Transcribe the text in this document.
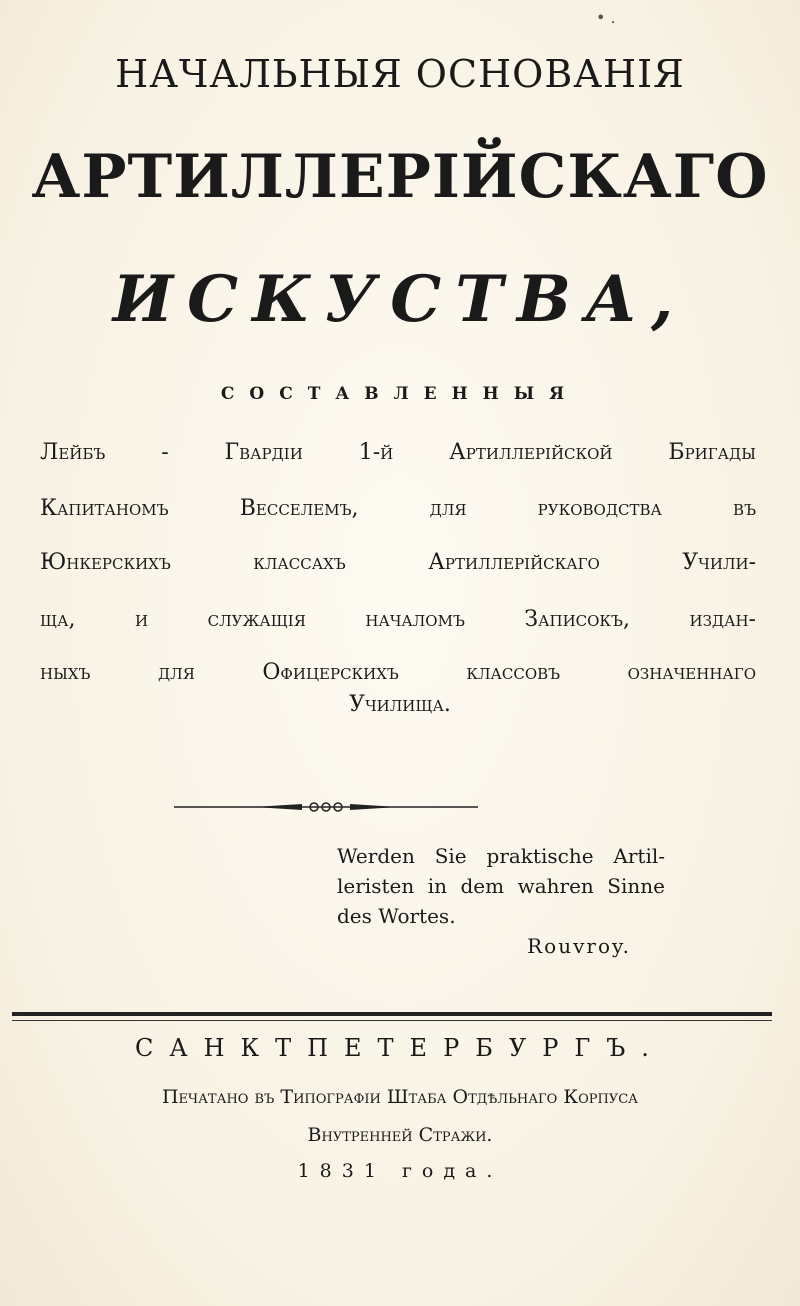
• .
НАЧАЛЬНЫЯ ОСНОВАНІЯ
АРТИЛЛЕРІЙСКАГО
ИСКУСТВА,
СОСТАВЛЕННЫЯ
Лейбъ - Гвардіи 1-й Артиллерійской Бригады
Капитаномъ Весселемъ, для руководства въ
Юнкерскихъ классахъ Артиллерійскаго Учили-
ща, и служащія началомъ Записокъ, издан-
ныхъ для Офицерскихъ классовъ означеннаго
Училища.
Werden Sie praktische Artil-
leristen in dem wahren Sinne
des Wortes.
Rouvroy.
САНКТПЕТЕРБУРГЪ.
Печатано въ Типографіи Штаба Отдѣльнаго Корпуса
Внутренней Стражи.
1831 года.
